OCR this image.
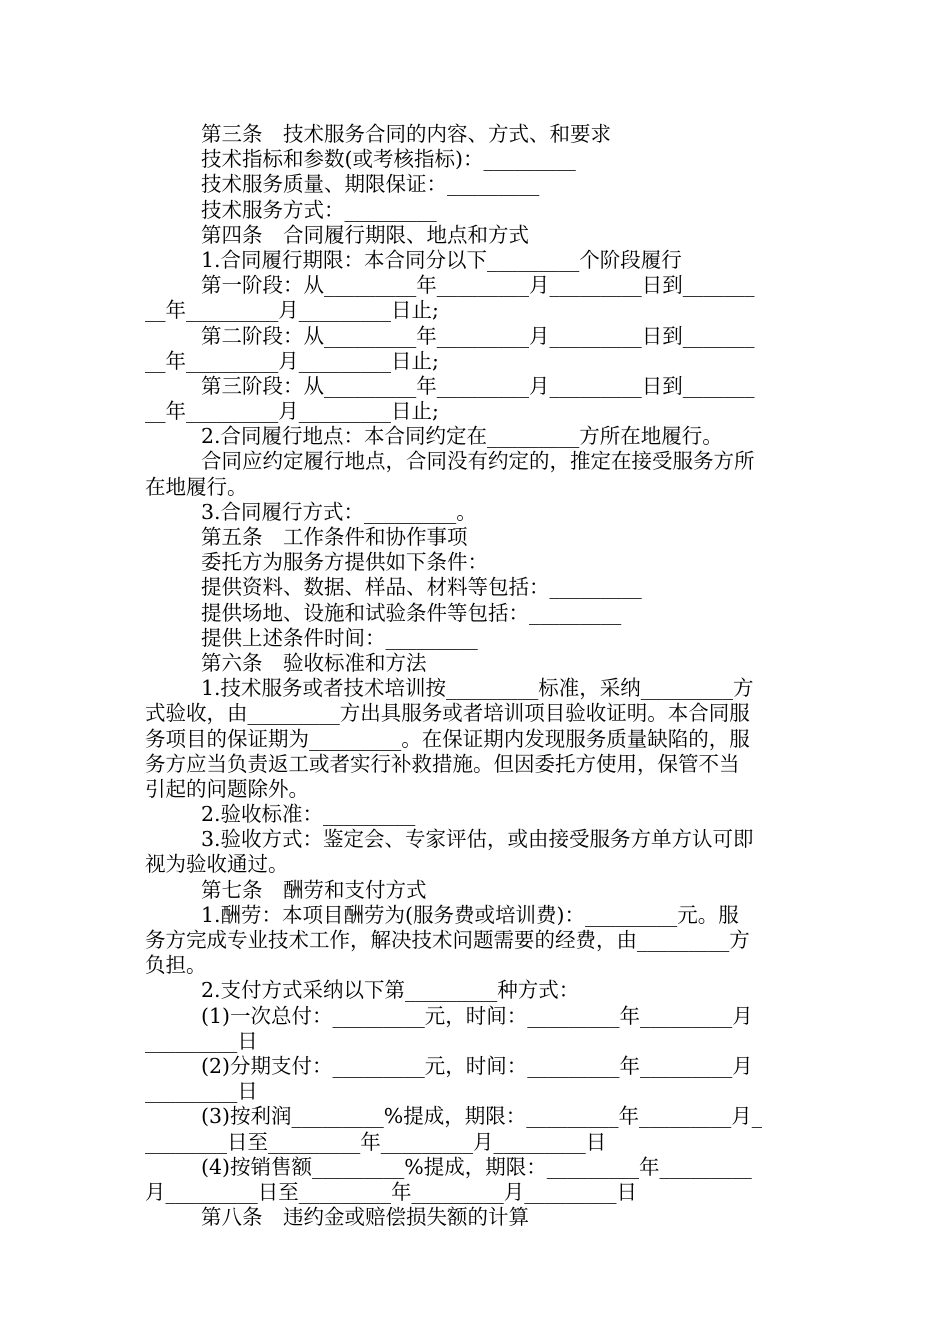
第三条　技术服务合同的内容、方式、和要求
技术指标和参数(或考核指标)：_________
技术服务质量、期限保证：_________
技术服务方式：_________
第四条　合同履行期限、地点和方式
1.合同履行期限：本合同分以下_________个阶段履行
第一阶段：从_________年_________月_________日到_______
__年_________月_________日止;
第二阶段：从_________年_________月_________日到_______
__年_________月_________日止;
第三阶段：从_________年_________月_________日到_______
__年_________月_________日止;
2.合同履行地点：本合同约定在_________方所在地履行。
合同应约定履行地点，合同没有约定的，推定在接受服务方所
在地履行。
3.合同履行方式：_________。
第五条　工作条件和协作事项
委托方为服务方提供如下条件：
提供资料、数据、样品、材料等包括：_________
提供场地、设施和试验条件等包括：_________
提供上述条件时间：_________
第六条　验收标准和方法
1.技术服务或者技术培训按_________标准，采纳_________方
式验收，由_________方出具服务或者培训项目验收证明。本合同服
务项目的保证期为_________。在保证期内发现服务质量缺陷的，服
务方应当负责返工或者实行补救措施。但因委托方使用，保管不当
引起的问题除外。
2.验收标准：_________
3.验收方式：鉴定会、专家评估，或由接受服务方单方认可即
视为验收通过。
第七条　酬劳和支付方式
1.酬劳：本项目酬劳为(服务费或培训费)：_________元。服
务方完成专业技术工作，解决技术问题需要的经费，由_________方
负担。
2.支付方式采纳以下第_________种方式：
(1)一次总付：_________元，时间：_________年_________月
_________日
(2)分期支付：_________元，时间：_________年_________月
_________日
(3)按利润_________%提成，期限：_________年_________月_
________日至_________年_________月_________日
(4)按销售额_________%提成，期限：_________年_________
月_________日至_________年_________月_________日
第八条　违约金或赔偿损失额的计算
